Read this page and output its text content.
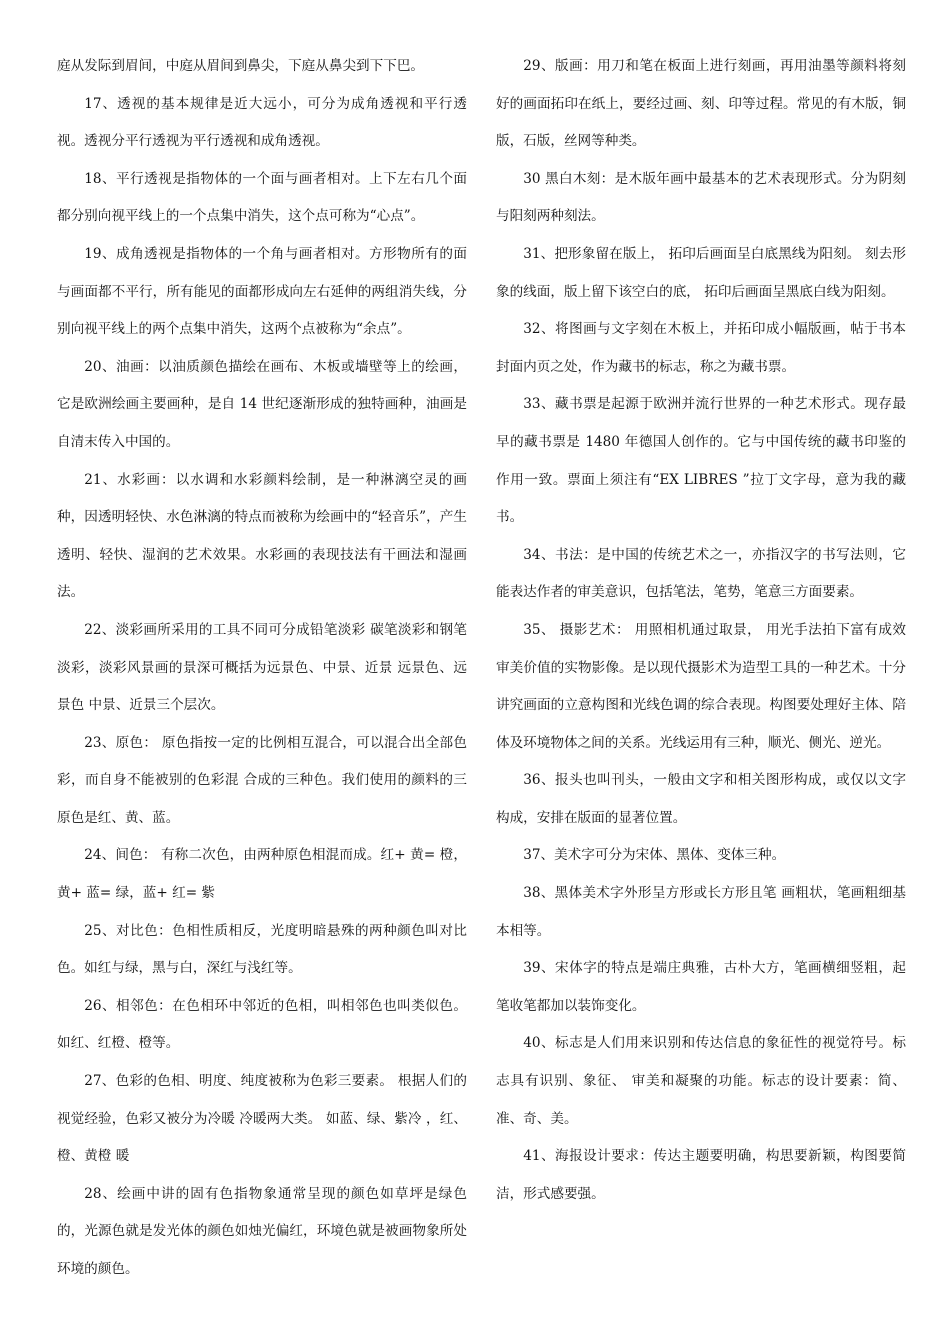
庭从发际到眉间，中庭从眉间到鼻尖，下庭从鼻尖到下下巴。

17、透视的基本规律是近大远小，可分为成角透视和平行透视。透视分平行透视为平行透视和成角透视。

18、平行透视是指物体的一个面与画者相对。上下左右几个面都分别向视平线上的一个点集中消失，这个点可称为“心点”。

19、成角透视是指物体的一个角与画者相对。方形物所有的面与画面都不平行，所有能见的面都形成向左右延伸的两组消失线，分别向视平线上的两个点集中消失，这两个点被称为“余点”。

20、油画：以油质颜色描绘在画布、木板或墙壁等上的绘画，它是欧洲绘画主要画种，是自 14 世纪逐渐形成的独特画种，油画是自清末传入中国的。

21、水彩画：以水调和水彩颜料绘制，是一种淋漓空灵的画种，因透明轻快、水色淋漓的特点而被称为绘画中的“轻音乐”，产生透明、轻快、湿润的艺术效果。水彩画的表现技法有干画法和湿画法。

22、淡彩画所采用的工具不同可分成铅笔淡彩 碳笔淡彩和钢笔淡彩，淡彩风景画的景深可概括为远景色、中景、近景 远景色、远景色 中景、近景三个层次。

23、原色： 原色指按一定的比例相互混合，可以混合出全部色彩，而自身不能被别的色彩混 合成的三种色。我们使用的颜料的三原色是红、黄、蓝。

24、间色： 有称二次色，由两种原色相混而成。红+ 黄= 橙，黄+ 蓝= 绿，蓝+ 红= 紫

25、对比色：色相性质相反，光度明暗悬殊的两种颜色叫对比色。如红与绿，黑与白，深红与浅红等。

26、相邻色：在色相环中邻近的色相，叫相邻色也叫类似色。如红、红橙、橙等。

27、色彩的色相、明度、纯度被称为色彩三要素。 根据人们的视觉经验，色彩又被分为冷暖 冷暖两大类。 如蓝、绿、紫冷 ，红、橙、黄橙 暖

28、绘画中讲的固有色指物象通常呈现的颜色如草坪是绿色的，光源色就是发光体的颜色如烛光偏红，环境色就是被画物象所处环境的颜色。

29、版画：用刀和笔在板面上进行刻画，再用油墨等颜料将刻好的画面拓印在纸上，要经过画、刻、印等过程。常见的有木版，铜版，石版，丝网等种类。

30 黑白木刻：是木版年画中最基本的艺术表现形式。分为阴刻与阳刻两种刻法。

31、把形象留在版上， 拓印后画面呈白底黑线为阳刻。 刻去形象的线面，版上留下该空白的底， 拓印后画面呈黑底白线为阳刻。

32、将图画与文字刻在木板上，并拓印成小幅版画，帖于书本封面内页之处，作为藏书的标志，称之为藏书票。

33、藏书票是起源于欧洲并流行世界的一种艺术形式。现存最早的藏书票是 1480 年德国人创作的。它与中国传统的藏书印鉴的作用一致。票面上须注有“EX LIBRES ”拉丁文字母，意为我的藏书。

34、书法：是中国的传统艺术之一，亦指汉字的书写法则，它能表达作者的审美意识，包括笔法，笔势，笔意三方面要素。

35、 摄影艺术： 用照相机通过取景， 用光手法拍下富有成效审美价值的实物影像。是以现代摄影术为造型工具的一种艺术。十分讲究画面的立意构图和光线色调的综合表现。构图要处理好主体、陪体及环境物体之间的关系。光线运用有三种，顺光、侧光、逆光。

36、报头也叫刊头，一般由文字和相关图形构成，或仅以文字构成，安排在版面的显著位置。

37、美术字可分为宋体、黑体、变体三种。

38、黑体美术字外形呈方形或长方形且笔 画粗状，笔画粗细基本相等。

39、宋体字的特点是端庄典雅，古朴大方，笔画横细竖粗，起笔收笔都加以装饰变化。

40、标志是人们用来识别和传达信息的象征性的视觉符号。标志具有识别、象征、 审美和凝聚的功能。标志的设计要素：简、准、奇、美。

41、海报设计要求：传达主题要明确，构思要新颖，构图要简洁，形式感要强。
